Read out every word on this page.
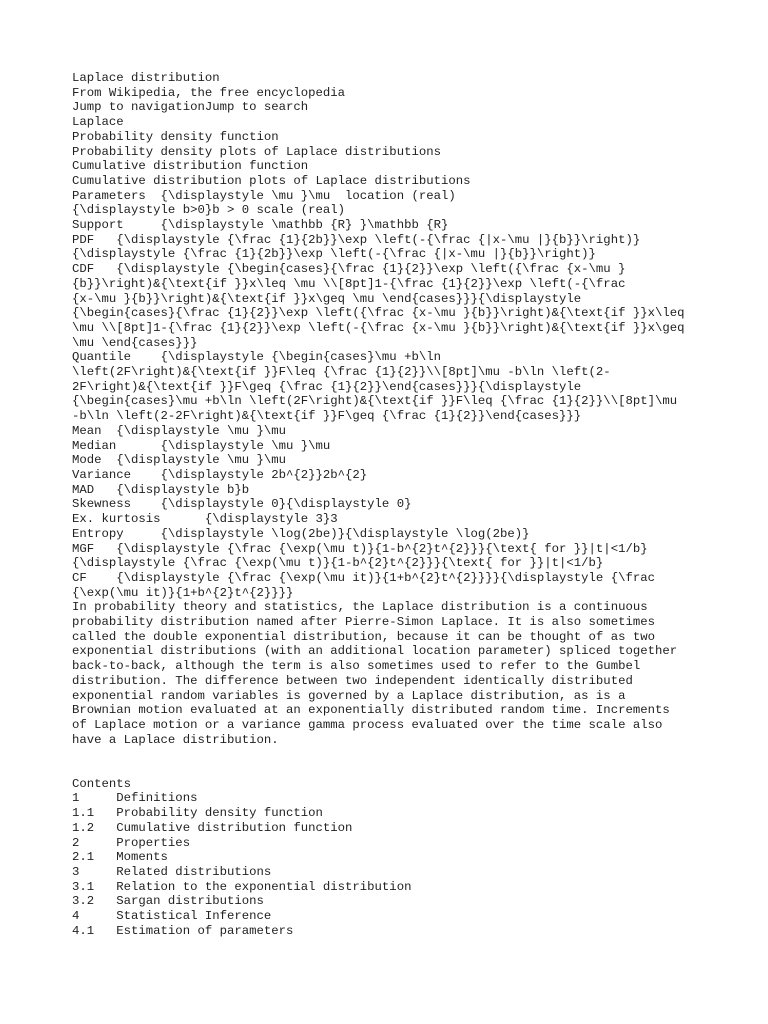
Laplace distribution
From Wikipedia, the free encyclopedia
Jump to navigationJump to search
Laplace
Probability density function
Probability density plots of Laplace distributions
Cumulative distribution function
Cumulative distribution plots of Laplace distributions
Parameters  {\displaystyle \mu }\mu  location (real)
{\displaystyle b>0}b > 0 scale (real)
Support     {\displaystyle \mathbb {R} }\mathbb {R}
PDF   {\displaystyle {\frac {1}{2b}}\exp \left(-{\frac {|x-\mu |}{b}}\right)}
{\displaystyle {\frac {1}{2b}}\exp \left(-{\frac {|x-\mu |}{b}}\right)}
CDF   {\displaystyle {\begin{cases}{\frac {1}{2}}\exp \left({\frac {x-\mu }
{b}}\right)&{\text{if }}x\leq \mu \\[8pt]1-{\frac {1}{2}}\exp \left(-{\frac
{x-\mu }{b}}\right)&{\text{if }}x\geq \mu \end{cases}}}{\displaystyle
{\begin{cases}{\frac {1}{2}}\exp \left({\frac {x-\mu }{b}}\right)&{\text{if }}x\leq
\mu \\[8pt]1-{\frac {1}{2}}\exp \left(-{\frac {x-\mu }{b}}\right)&{\text{if }}x\geq
\mu \end{cases}}}
Quantile    {\displaystyle {\begin{cases}\mu +b\ln
\left(2F\right)&{\text{if }}F\leq {\frac {1}{2}}\\[8pt]\mu -b\ln \left(2-
2F\right)&{\text{if }}F\geq {\frac {1}{2}}\end{cases}}}{\displaystyle
{\begin{cases}\mu +b\ln \left(2F\right)&{\text{if }}F\leq {\frac {1}{2}}\\[8pt]\mu
-b\ln \left(2-2F\right)&{\text{if }}F\geq {\frac {1}{2}}\end{cases}}}
Mean  {\displaystyle \mu }\mu
Median      {\displaystyle \mu }\mu
Mode  {\displaystyle \mu }\mu
Variance    {\displaystyle 2b^{2}}2b^{2}
MAD   {\displaystyle b}b
Skewness    {\displaystyle 0}{\displaystyle 0}
Ex. kurtosis      {\displaystyle 3}3
Entropy     {\displaystyle \log(2be)}{\displaystyle \log(2be)}
MGF   {\displaystyle {\frac {\exp(\mu t)}{1-b^{2}t^{2}}}{\text{ for }}|t|<1/b}
{\displaystyle {\frac {\exp(\mu t)}{1-b^{2}t^{2}}}{\text{ for }}|t|<1/b}
CF    {\displaystyle {\frac {\exp(\mu it)}{1+b^{2}t^{2}}}}{\displaystyle {\frac
{\exp(\mu it)}{1+b^{2}t^{2}}}}
In probability theory and statistics, the Laplace distribution is a continuous
probability distribution named after Pierre-Simon Laplace. It is also sometimes
called the double exponential distribution, because it can be thought of as two
exponential distributions (with an additional location parameter) spliced together
back-to-back, although the term is also sometimes used to refer to the Gumbel
distribution. The difference between two independent identically distributed
exponential random variables is governed by a Laplace distribution, as is a
Brownian motion evaluated at an exponentially distributed random time. Increments
of Laplace motion or a variance gamma process evaluated over the time scale also
have a Laplace distribution.
Contents
1     Definitions
1.1   Probability density function
1.2   Cumulative distribution function
2     Properties
2.1   Moments
3     Related distributions
3.1   Relation to the exponential distribution
3.2   Sargan distributions
4     Statistical Inference
4.1   Estimation of parameters
